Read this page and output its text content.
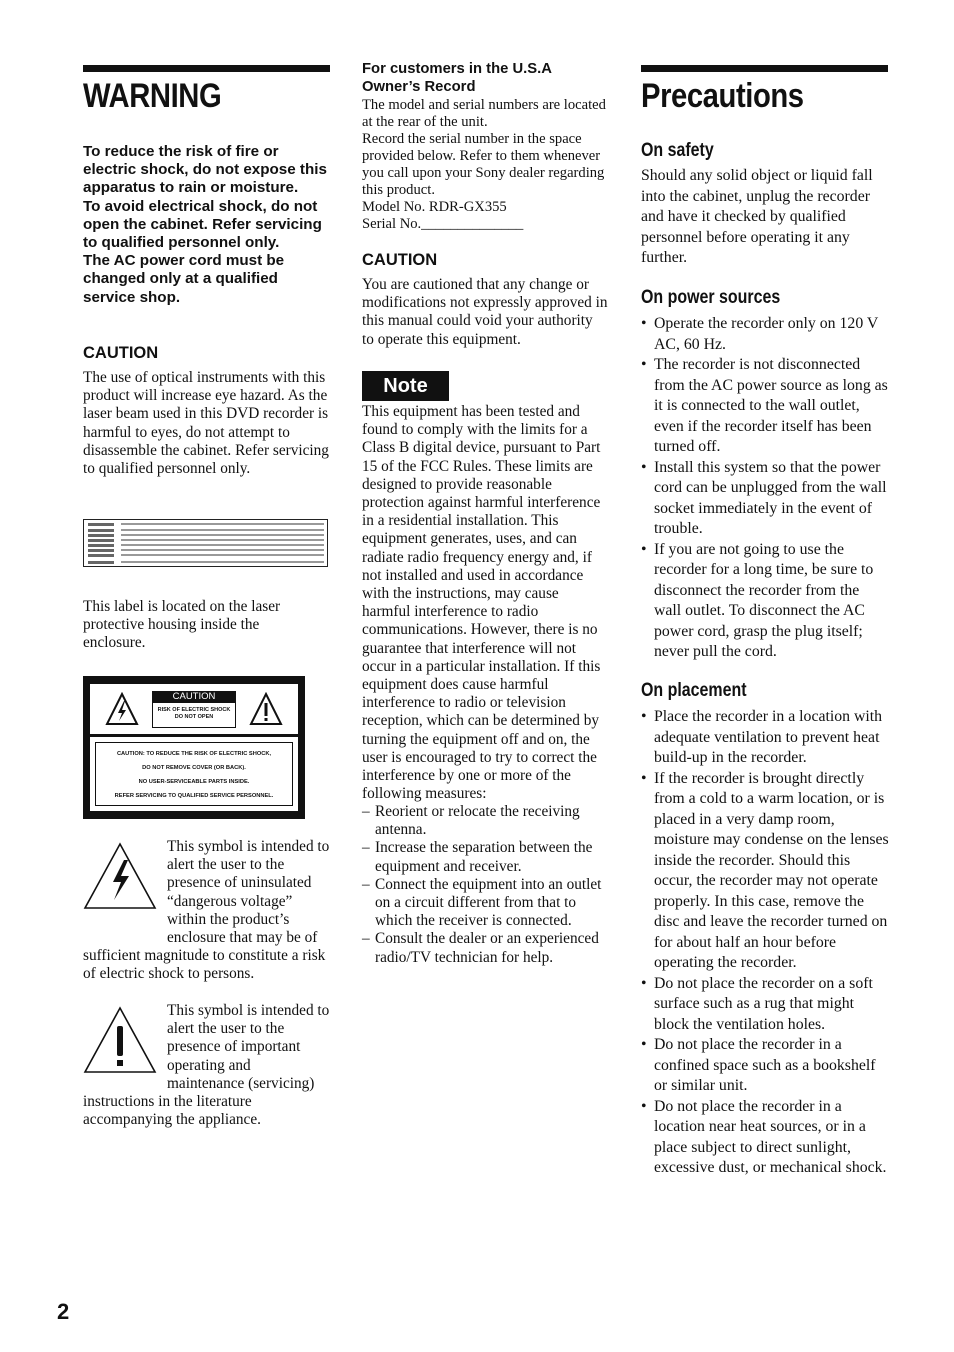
WARNING

To reduce the risk of fire or electric shock, do not expose this apparatus to rain or moisture.
To avoid electrical shock, do not open the cabinet. Refer servicing to qualified personnel only.
The AC power cord must be changed only at a qualified service shop.

CAUTION

The use of optical instruments with this product will increase eye hazard. As the laser beam used in this DVD recorder is harmful to eyes, do not attempt to disassemble the cabinet. Refer servicing to qualified personnel only.

This label is located on the laser protective housing inside the enclosure.

CAUTION
RISK OF ELECTRIC SHOCK
DO NOT OPEN
CAUTION: TO REDUCE THE RISK OF ELECTRIC SHOCK,
DO NOT REMOVE COVER (OR BACK).
NO USER-SERVICEABLE PARTS INSIDE.
REFER SERVICING TO QUALIFIED SERVICE PERSONNEL.

This symbol is intended to alert the user to the presence of uninsulated “dangerous voltage” within the product’s enclosure that may be of sufficient magnitude to constitute a risk of electric shock to persons.

This symbol is intended to alert the user to the presence of important operating and maintenance (servicing) instructions in the literature accompanying the appliance.

For customers in the U.S.A
Owner’s Record

The model and serial numbers are located at the rear of the unit.
Record the serial number in the space provided below. Refer to them whenever you call upon your Sony dealer regarding this product.
Model No. RDR-GX355
Serial No.______________

CAUTION

You are cautioned that any change or modifications not expressly approved in this manual could void your authority to operate this equipment.

Note

This equipment has been tested and found to comply with the limits for a Class B digital device, pursuant to Part 15 of the FCC Rules. These limits are designed to provide reasonable protection against harmful interference in a residential installation. This equipment generates, uses, and can radiate radio frequency energy and, if not installed and used in accordance with the instructions, may cause harmful interference to radio communications. However, there is no guarantee that interference will not occur in a particular installation. If this equipment does cause harmful interference to radio or television reception, which can be determined by turning the equipment off and on, the user is encouraged to try to correct the interference by one or more of the following measures:

– Reorient or relocate the receiving antenna.
– Increase the separation between the equipment and receiver.
– Connect the equipment into an outlet on a circuit different from that to which the receiver is connected.
– Consult the dealer or an experienced radio/TV technician for help.
Precautions
On safety

Should any solid object or liquid fall into the cabinet, unplug the recorder and have it checked by qualified personnel before operating it any further.

On power sources
• Operate the recorder only on 120 V AC, 60 Hz.
• The recorder is not disconnected from the AC power source as long as it is connected to the wall outlet, even if the recorder itself has been turned off.
• Install this system so that the power cord can be unplugged from the wall socket immediately in the event of trouble.
• If you are not going to use the recorder for a long time, be sure to disconnect the recorder from the wall outlet. To disconnect the AC power cord, grasp the plug itself; never pull the cord.
On placement
• Place the recorder in a location with adequate ventilation to prevent heat build-up in the recorder.
• If the recorder is brought directly from a cold to a warm location, or is placed in a very damp room, moisture may condense on the lenses inside the recorder. Should this occur, the recorder may not operate properly. In this case, remove the disc and leave the recorder turned on for about half an hour before operating the recorder.
• Do not place the recorder on a soft surface such as a rug that might block the ventilation holes.
• Do not place the recorder in a confined space such as a bookshelf or similar unit.
• Do not place the recorder in a location near heat sources, or in a place subject to direct sunlight, excessive dust, or mechanical shock.
2
